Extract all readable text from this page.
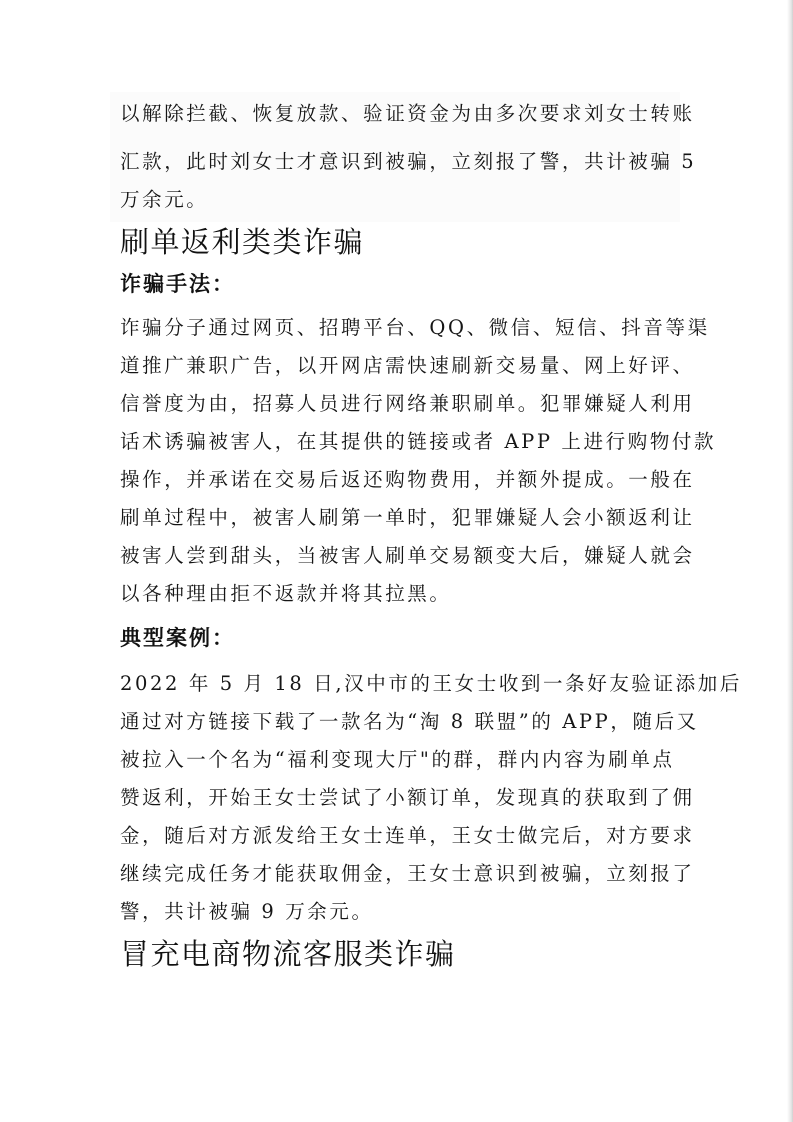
以解除拦截、恢复放款、验证资金为由多次要求刘女士转账
汇款，此时刘女士才意识到被骗，立刻报了警，共计被骗 5
万余元。
刷单返利类类诈骗
诈骗手法：
诈骗分子通过网页、招聘平台、QQ、微信、短信、抖音等渠
道推广兼职广告，以开网店需快速刷新交易量、网上好评、
信誉度为由，招募人员进行网络兼职刷单。犯罪嫌疑人利用
话术诱骗被害人，在其提供的链接或者 APP 上进行购物付款
操作，并承诺在交易后返还购物费用，并额外提成。一般在
刷单过程中，被害人刷第一单时，犯罪嫌疑人会小额返利让
被害人尝到甜头，当被害人刷单交易额变大后，嫌疑人就会
以各种理由拒不返款并将其拉黑。
典型案例：
2022 年 5 月 18 日,汉中市的王女士收到一条好友验证添加后
通过对方链接下载了一款名为“淘 8 联盟”的 APP，随后又
被拉入一个名为“福利变现大厅"的群，群内内容为刷单点
赞返利，开始王女士尝试了小额订单，发现真的获取到了佣
金，随后对方派发给王女士连单，王女士做完后，对方要求
继续完成任务才能获取佣金，王女士意识到被骗，立刻报了
警，共计被骗 9 万余元。
冒充电商物流客服类诈骗
